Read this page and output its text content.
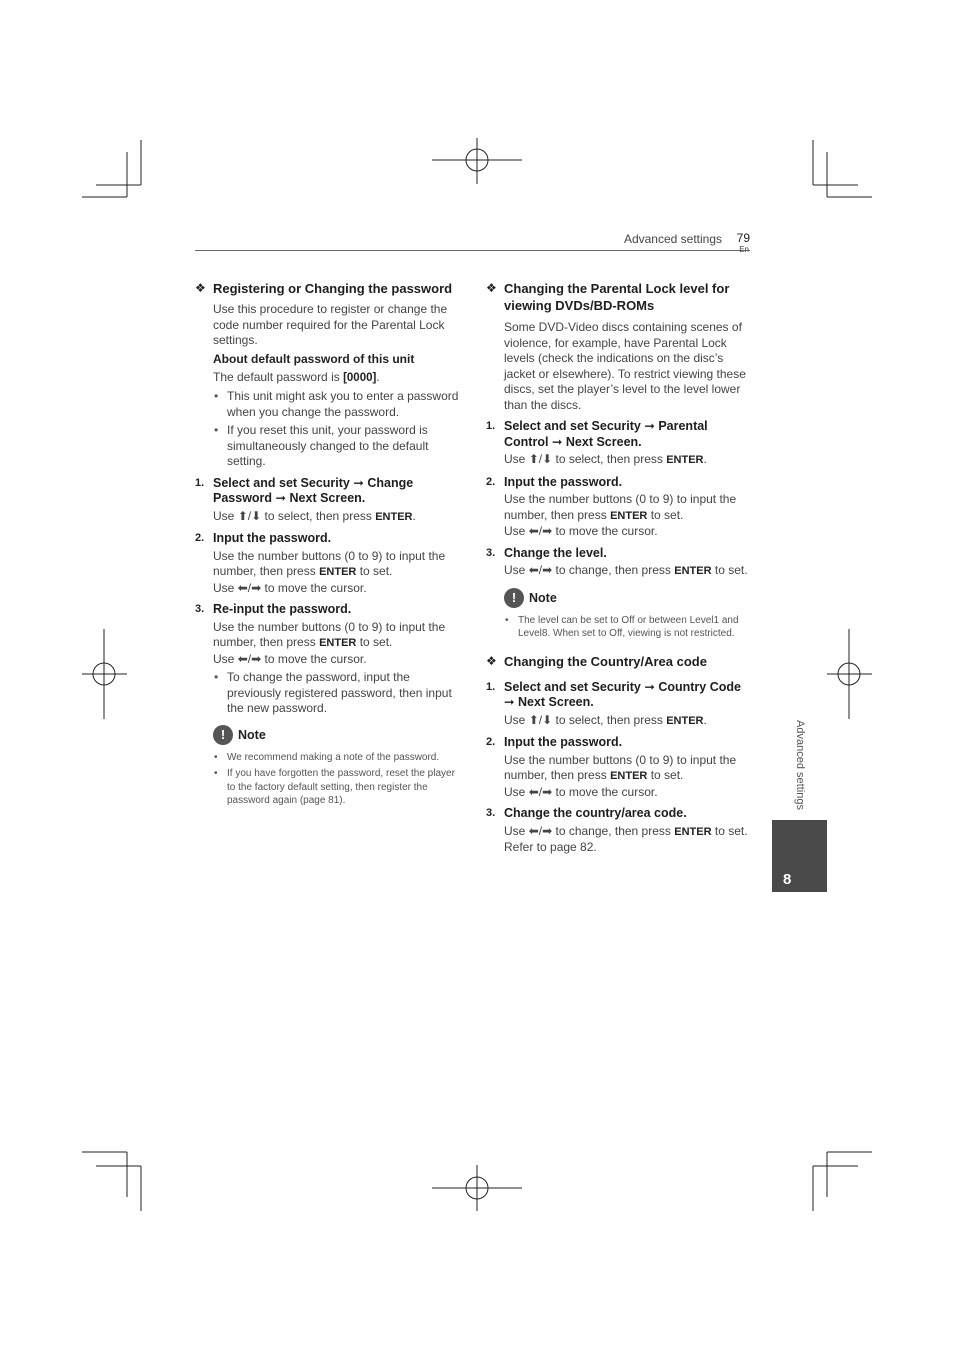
Advanced settings 79
En
❖ Registering or Changing the password

Use this procedure to register or change the code number required for the Parental Lock settings.

About default password of this unit

The default password is [0000].

• This unit might ask you to enter a password when you change the password.
• If you reset this unit, your password is simultaneously changed to the default setting.
1. Select and set Security ➞ Change Password ➞ Next Screen.

Use ⬆/⬇ to select, then press ENTER.

2. Input the password.

Use the number buttons (0 to 9) to input the number, then press ENTER to set.
Use ⬅/➡ to move the cursor.

3. Re-input the password.

Use the number buttons (0 to 9) to input the number, then press ENTER to set.
Use ⬅/➡ to move the cursor.

• To change the password, input the previously registered password, then input the new password.
!	Note
• We recommend making a note of the password.
• If you have forgotten the password, reset the player to the factory default setting, then register the password again (page 81).
❖ Changing the Parental Lock level for viewing DVDs/BD-ROMs

Some DVD-Video discs containing scenes of violence, for example, have Parental Lock levels (check the indications on the disc’s jacket or elsewhere). To restrict viewing these discs, set the player’s level to the level lower than the discs.

1. Select and set Security ➞ Parental Control ➞ Next Screen.

Use ⬆/⬇ to select, then press ENTER.

2. Input the password.

Use the number buttons (0 to 9) to input the number, then press ENTER to set.
Use ⬅/➡ to move the cursor.

3. Change the level.

Use ⬅/➡ to change, then press ENTER to set.

!	Note
• The level can be set to Off or between Level1 and Level8. When set to Off, viewing is not restricted.
❖ Changing the Country/Area code
1. Select and set Security ➞ Country Code ➞ Next Screen.

Use ⬆/⬇ to select, then press ENTER.

2. Input the password.

Use the number buttons (0 to 9) to input the number, then press ENTER to set.
Use ⬅/➡ to move the cursor.

3. Change the country/area code.

Use ⬅/➡ to change, then press ENTER to set. Refer to page 82.

Advanced settings
8
